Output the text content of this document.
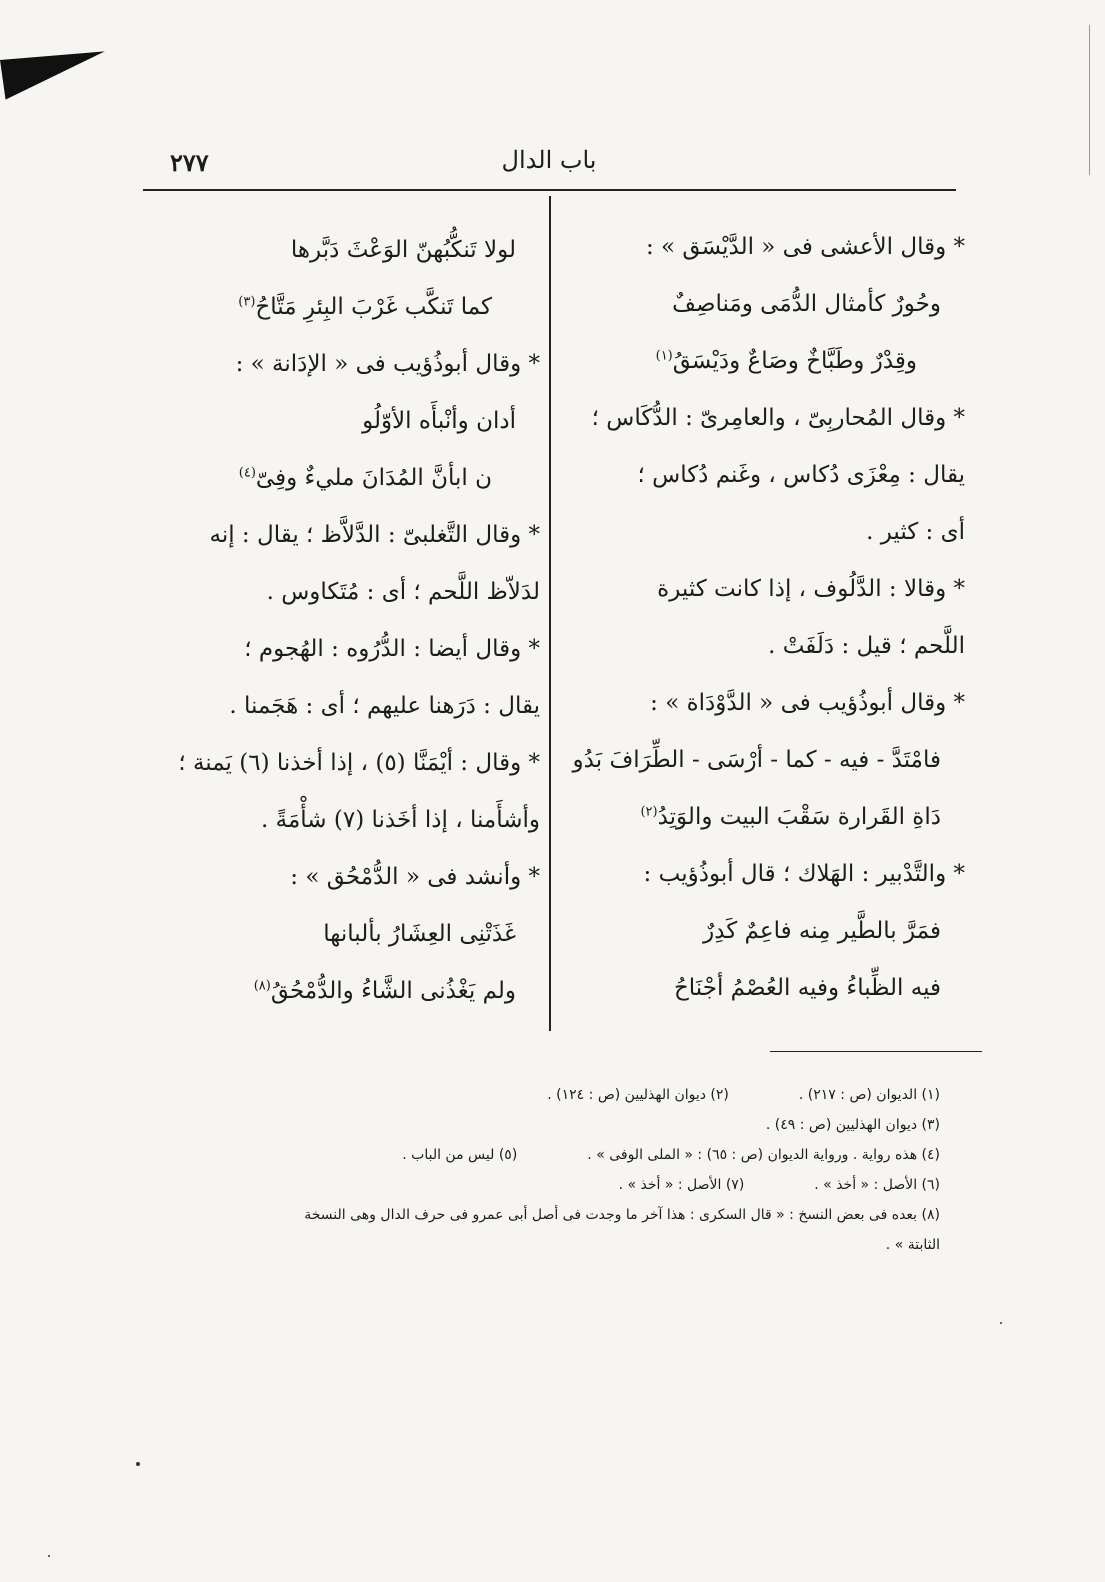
٢٧٧	باب الدال
* وقال الأعشى فى « الدَّيْسَق » :
وحُورٌ كأمثال الدُّمَى ومَناصِفٌ
وقِدْرٌ وطَبَّاخٌ وصَاعٌ ودَيْسَقُ$^{(١)}$
* وقال المُحاربِىّ ، والعامِرىّ : الدُّكَاس ؛
يقال : مِعْزَى دُكاس ، وغَنم دُكاس ؛
أى : كثير .
* وقالا : الدَّلُوف ، إذا كانت كثيرة
اللَّحم ؛ قيل : دَلَفَتْ .
* وقال أبوذُؤيب فى « الدَّوْدَاة » :
فامْتَدَّ - فيه - كما - أرْسَى - الطِّرَافَ بَدُو
دَاةِ القَرارة سَقْبَ البيت والوَتِدُ$^{(٢)}$
* والتَّدْبير : الهَلاك ؛ قال أبوذُؤيب :
فمَرَّ بالطَّير مِنه فاعِمٌ كَدِرٌ
فيه الظِّباءُ وفيه العُصْمُ أجْنَاحُ
لولا تَنكُّبُهنّ الوَعْثَ دَبَّرها
كما تَنكَّب غَرْبَ البِئرِ مَتَّاحُ$^{(٣)}$
* وقال أبوذُؤيب فى « الإدَانة » :
أدان وأنْبأَه الأوّلُو
ن ابأنَّ المُدَانَ مليءٌ وفِىّ$^{(٤)}$
* وقال التَّغلبىّ : الدَّلاَّظ ؛ يقال : إنه
لدَلاّظ اللَّحم ؛ أى : مُتَكاوس .
* وقال أيضا : الدُّرُوه : الهُجوم ؛
يقال : دَرَهنا عليهم ؛ أى : هَجَمنا .
* وقال : أيْمَنَّا (٥) ، إذا أخذنا (٦) يَمنة ؛
وأشأَمنا ، إذا أخَذنا (٧) شأْمَةً .
* وأنشد فى « الدُّمْحُق » :
غَذَتْنِى العِشَارُ بألبانها
ولم يَغْذُنى الشَّاءُ والدُّمْحُقُ$^{(٨)}$
(١) الديوان (ص : ٢١٧) .(٢) ديوان الهذليين (ص : ١٢٤) .
(٣) ديوان الهذليين (ص : ٤٩) .
(٤) هذه رواية . ورواية الديوان (ص : ٦٥) : « الملى الوفى » .(٥) ليس من الباب .
(٦) الأصل : « أخذ » .(٧) الأصل : « أخذ » .
(٨) بعده فى بعض النسخ : « قال السكرى : هذا آخر ما وجدت فى أصل أبى عمرو فى حرف الدال وهى النسخة
الثابتة » .
